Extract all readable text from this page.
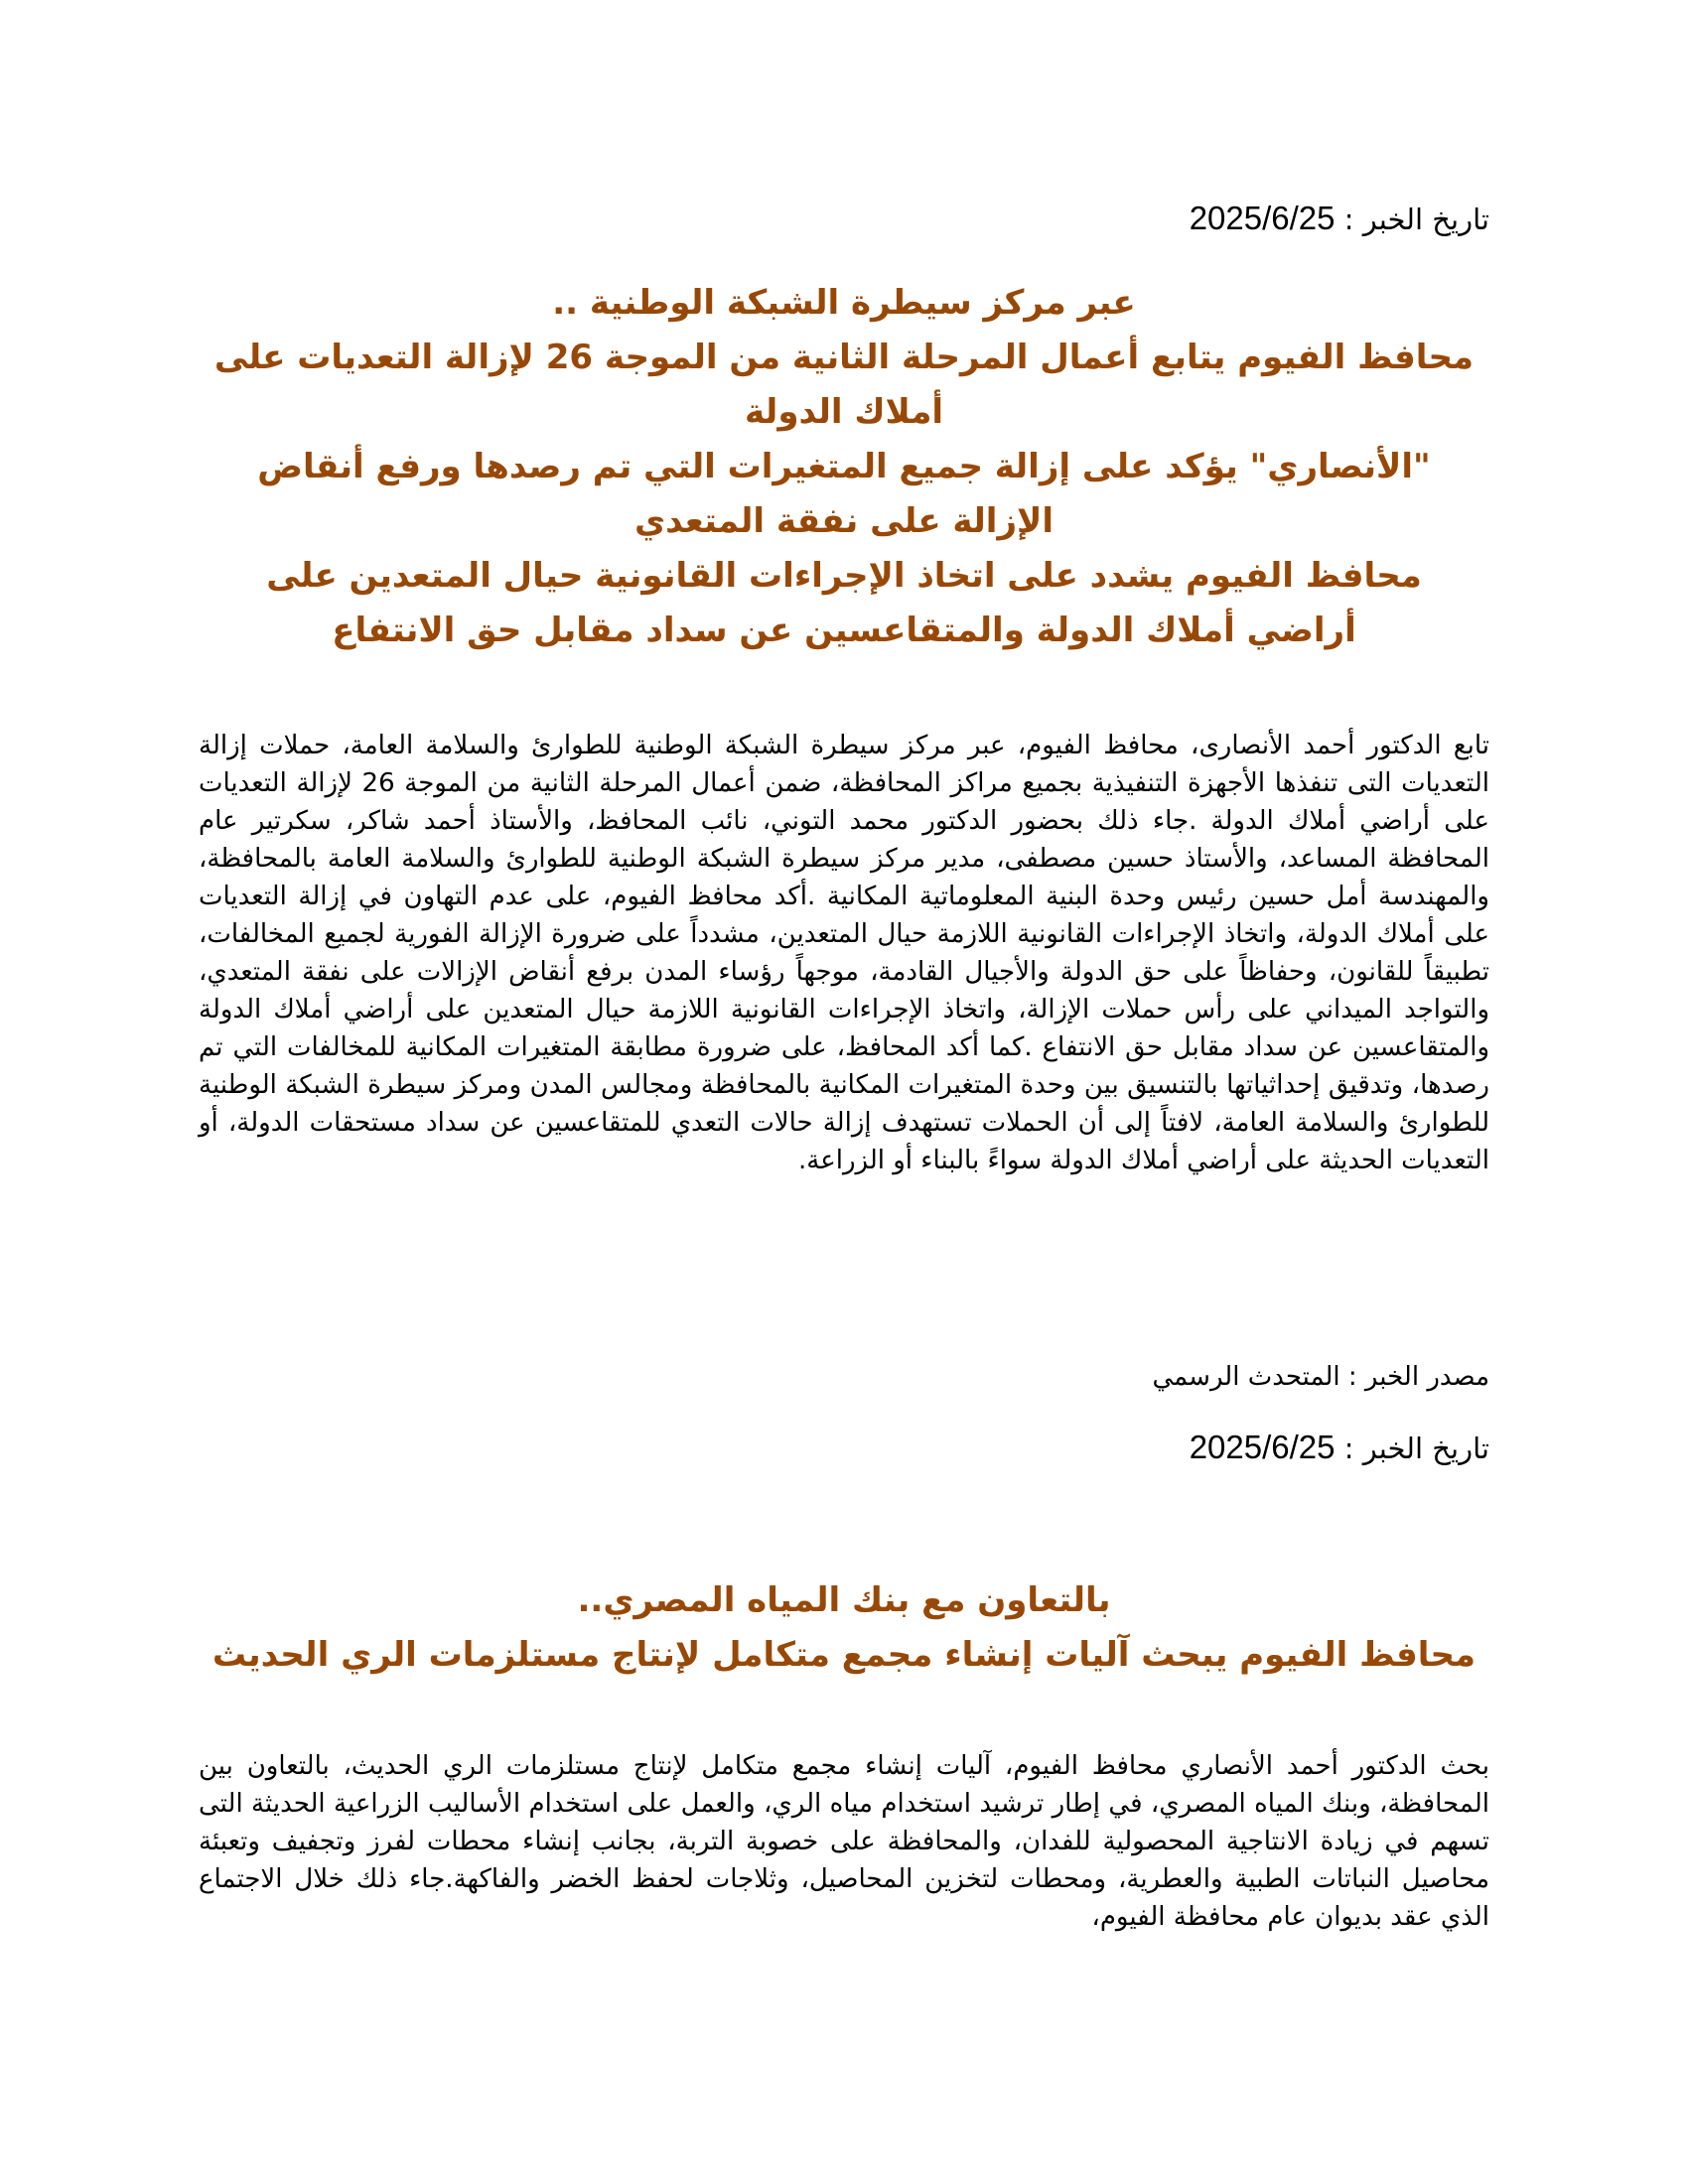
تاريخ الخبر : 2025/6/25
عبر مركز سيطرة الشبكة الوطنية ..
محافظ الفيوم يتابع أعمال المرحلة الثانية من الموجة 26 لإزالة التعديات على أملاك الدولة
"الأنصاري" يؤكد على إزالة جميع المتغيرات التي تم رصدها ورفع أنقاض الإزالة على نفقة المتعدي
محافظ الفيوم يشدد على اتخاذ الإجراءات القانونية حيال المتعدين على أراضي أملاك الدولة والمتقاعسين عن سداد مقابل حق الانتفاع

تابع الدكتور أحمد الأنصارى، محافظ الفيوم، عبر مركز سيطرة الشبكة الوطنية للطوارئ والسلامة العامة، حملات إزالة التعديات التى تنفذها الأجهزة التنفيذية بجميع مراكز المحافظة، ضمن أعمال المرحلة الثانية من الموجة 26 لإزالة التعديات على أراضي أملاك الدولة .جاء ذلك بحضور الدكتور محمد التوني، نائب المحافظ، والأستاذ أحمد شاكر، سكرتير عام المحافظة المساعد، والأستاذ حسين مصطفى، مدير مركز سيطرة الشبكة الوطنية للطوارئ والسلامة العامة بالمحافظة، والمهندسة أمل حسين رئيس وحدة البنية المعلوماتية المكانية .أكد محافظ الفيوم، على عدم التهاون في إزالة التعديات على أملاك الدولة، واتخاذ الإجراءات القانونية اللازمة حيال المتعدين، مشدداً على ضرورة الإزالة الفورية لجميع المخالفات، تطبيقاً للقانون، وحفاظاً على حق الدولة والأجيال القادمة، موجهاً رؤساء المدن برفع أنقاض الإزالات على نفقة المتعدي، والتواجد الميداني على رأس حملات الإزالة، واتخاذ الإجراءات القانونية اللازمة حيال المتعدين على أراضي أملاك الدولة والمتقاعسين عن سداد مقابل حق الانتفاع .كما أكد المحافظ، على ضرورة مطابقة المتغيرات المكانية للمخالفات التي تم رصدها، وتدقيق إحداثياتها بالتنسيق بين وحدة المتغيرات المكانية بالمحافظة ومجالس المدن ومركز سيطرة الشبكة الوطنية للطوارئ والسلامة العامة، لافتاً إلى أن الحملات تستهدف إزالة حالات التعدي للمتقاعسين عن سداد مستحقات الدولة، أو التعديات الحديثة على أراضي أملاك الدولة سواءً بالبناء أو الزراعة.

مصدر الخبر : المتحدث الرسمي
تاريخ الخبر : 2025/6/25
بالتعاون مع بنك المياه المصري..
محافظ الفيوم يبحث آليات إنشاء مجمع متكامل لإنتاج مستلزمات الري الحديث

بحث الدكتور أحمد الأنصاري محافظ الفيوم، آليات إنشاء مجمع متكامل لإنتاج مستلزمات الري الحديث، بالتعاون بين المحافظة، وبنك المياه المصري، في إطار ترشيد استخدام مياه الري، والعمل على استخدام الأساليب الزراعية الحديثة التى تسهم في زيادة الانتاجية المحصولية للفدان، والمحافظة على خصوبة التربة، بجانب إنشاء محطات لفرز وتجفيف وتعبئة محاصيل النباتات الطبية والعطرية، ومحطات لتخزين المحاصيل، وثلاجات لحفظ الخضر والفاكهة.جاء ذلك خلال الاجتماع الذي عقد بديوان عام محافظة الفيوم،
